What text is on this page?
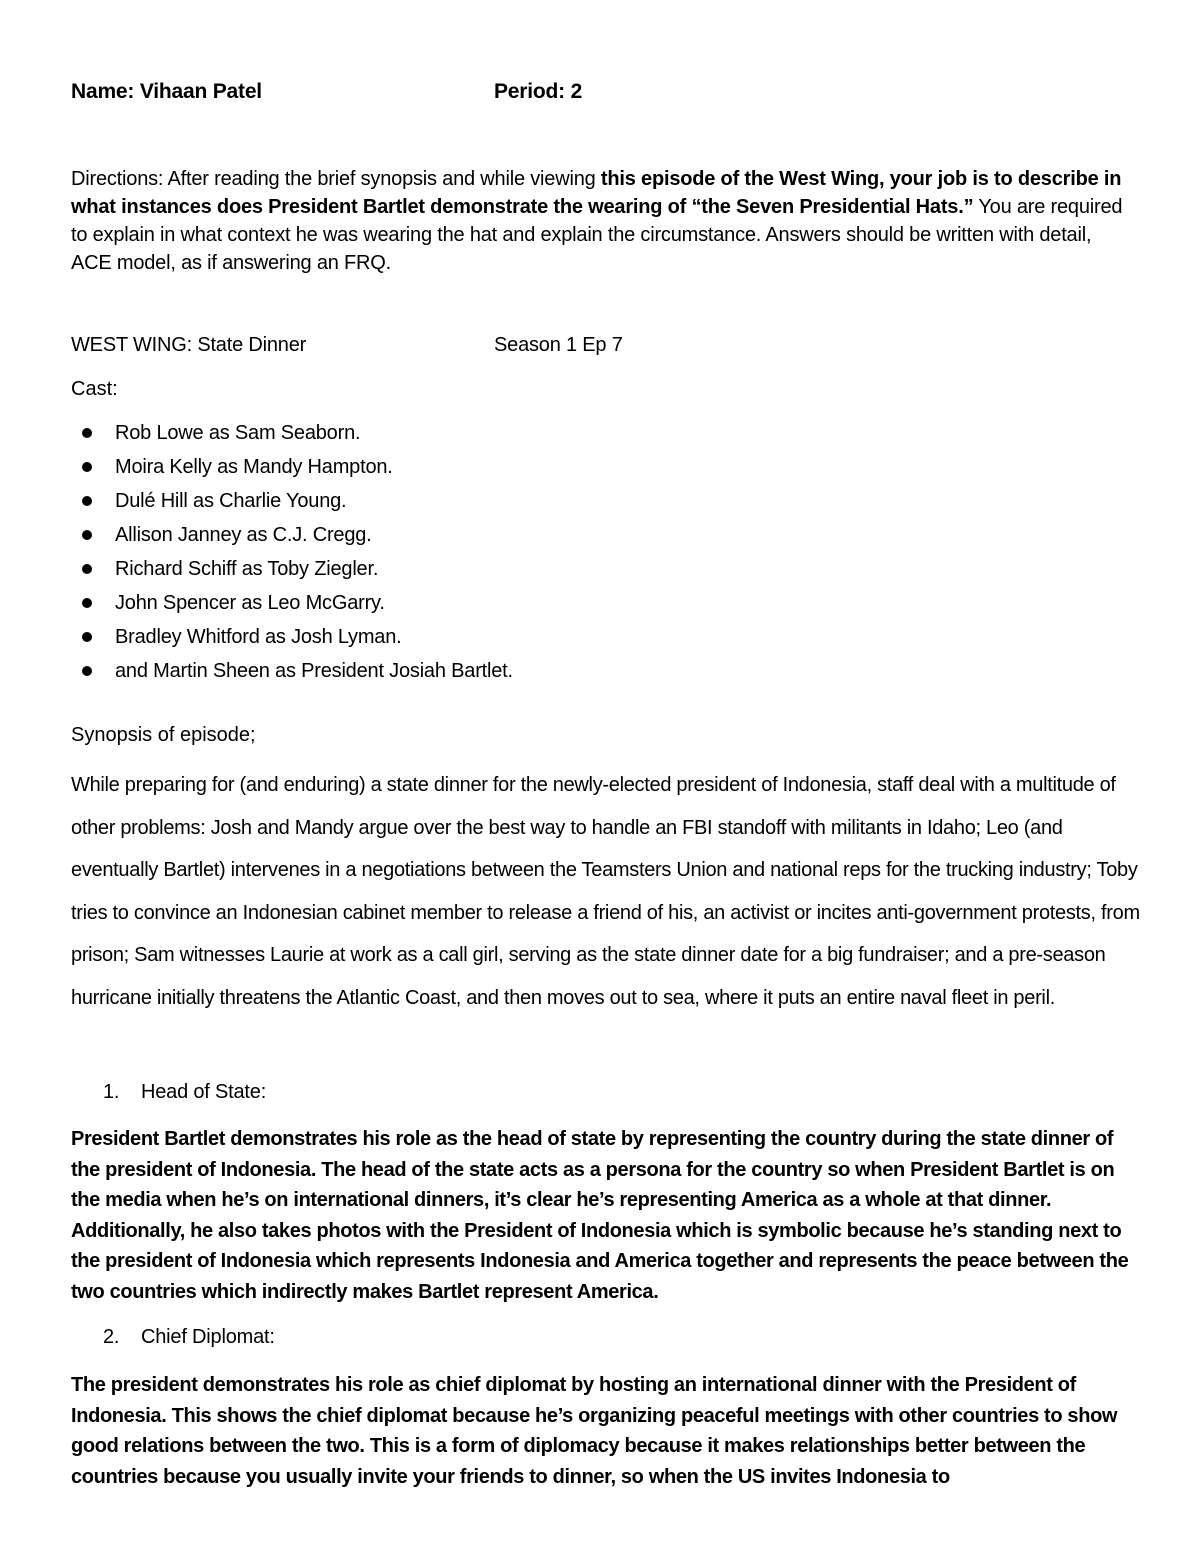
Name: Vihaan Patel	Period: 2
Directions: After reading the brief synopsis and while viewing this episode of the West Wing, your job is to describe in what instances does President Bartlet demonstrate the wearing of “the Seven Presidential Hats.” You are required to explain in what context he was wearing the hat and explain the circumstance. Answers should be written with detail, ACE model, as if answering an FRQ.
WEST WING: State Dinner	Season 1 Ep 7
Cast:
Rob Lowe as Sam Seaborn.
Moira Kelly as Mandy Hampton.
Dulé Hill as Charlie Young.
Allison Janney as C.J. Cregg.
Richard Schiff as Toby Ziegler.
John Spencer as Leo McGarry.
Bradley Whitford as Josh Lyman.
and Martin Sheen as President Josiah Bartlet.
Synopsis of episode;
While preparing for (and enduring) a state dinner for the newly-elected president of Indonesia, staff deal with a multitude of other problems: Josh and Mandy argue over the best way to handle an FBI standoff with militants in Idaho; Leo (and eventually Bartlet) intervenes in a negotiations between the Teamsters Union and national reps for the trucking industry; Toby tries to convince an Indonesian cabinet member to release a friend of his, an activist or incites anti-government protests, from prison; Sam witnesses Laurie at work as a call girl, serving as the state dinner date for a big fundraiser; and a pre-season hurricane initially threatens the Atlantic Coast, and then moves out to sea, where it puts an entire naval fleet in peril.
1. Head of State:
President Bartlet demonstrates his role as the head of state by representing the country during the state dinner of the president of Indonesia. The head of the state acts as a persona for the country so when President Bartlet is on the media when he’s on international dinners, it’s clear he’s representing America as a whole at that dinner. Additionally, he also takes photos with the President of Indonesia which is symbolic because he’s standing next to the president of Indonesia which represents Indonesia and America together and represents the peace between the two countries which indirectly makes Bartlet represent America.
2. Chief Diplomat:
The president demonstrates his role as chief diplomat by hosting an international dinner with the President of Indonesia. This shows the chief diplomat because he’s organizing peaceful meetings with other countries to show good relations between the two. This is a form of diplomacy because it makes relationships better between the countries because you usually invite your friends to dinner, so when the US invites Indonesia to
